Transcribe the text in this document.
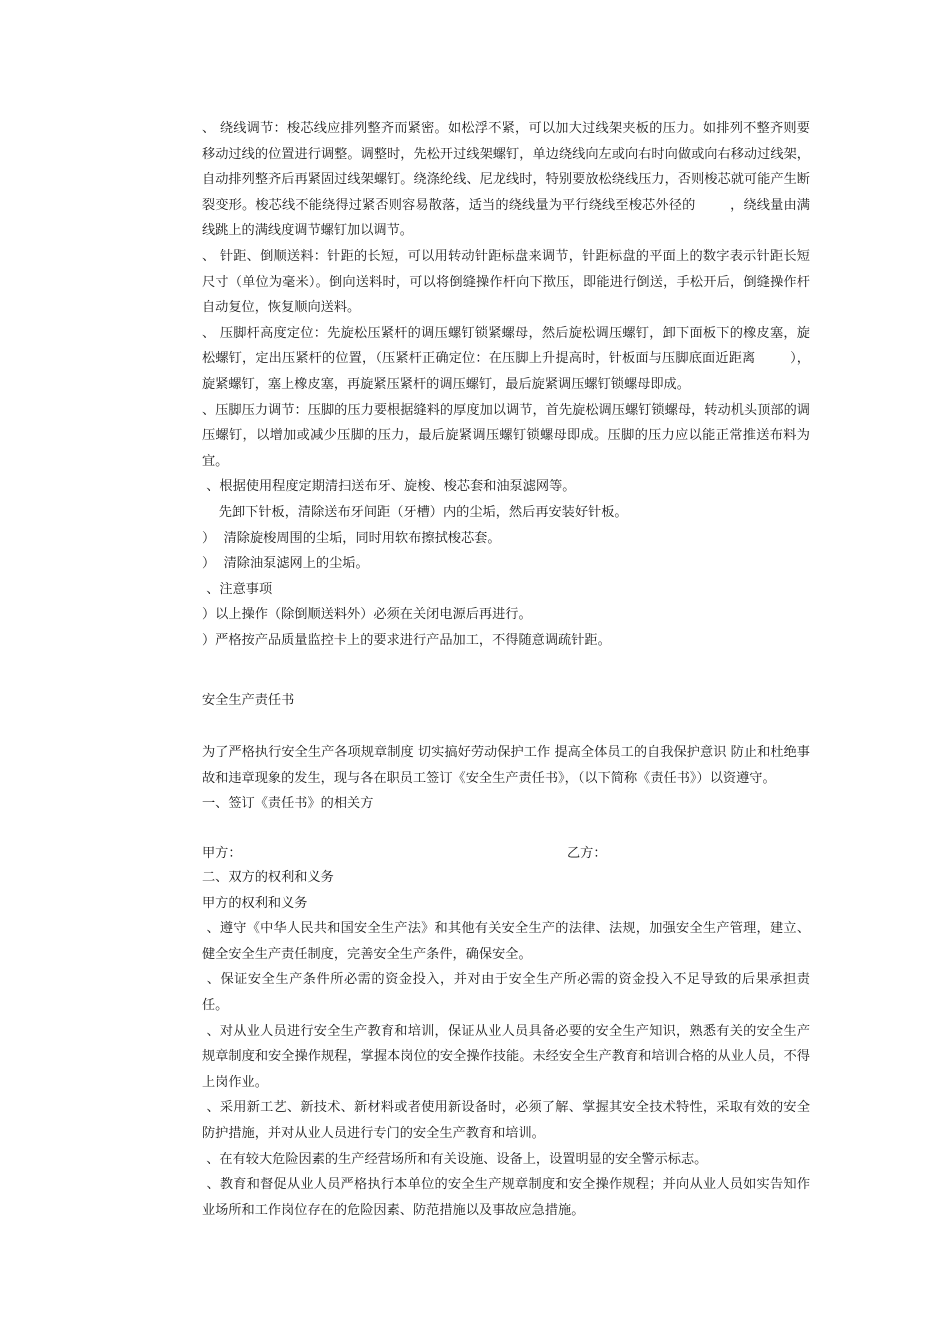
、 绕线调节：梭芯线应排列整齐而紧密。如松浮不紧，可以加大过线架夹板的压力。如排列不整齐则要移动过线的位置进行调整。调整时，先松开过线架螺钉，单边绕线向左或向右时向做或向右移动过线架，自动排列整齐后再紧固过线架螺钉。绕涤纶线、尼龙线时，特别要放松绕线压力，否则梭芯就可能产生断裂变形。梭芯线不能绕得过紧否则容易散落，适当的绕线量为平行绕线至梭芯外径的        ，绕线量由满线跳上的满线度调节螺钉加以调节。

、 针距、倒顺送料：针距的长短，可以用转动针距标盘来调节，针距标盘的平面上的数字表示针距长短尺寸（单位为毫米）。倒向送料时，可以将倒缝操作杆向下揿压，即能进行倒送，手松开后，倒缝操作杆自动复位，恢复顺向送料。

、 压脚杆高度定位：先旋松压紧杆的调压螺钉锁紧螺母，然后旋松调压螺钉，卸下面板下的橡皮塞，旋松螺钉，定出压紧杆的位置，（压紧杆正确定位：在压脚上升提高时，针板面与压脚底面近距离        ），旋紧螺钉，塞上橡皮塞，再旋紧压紧杆的调压螺钉，最后旋紧调压螺钉锁螺母即成。

、压脚压力调节：压脚的压力要根据缝料的厚度加以调节，首先旋松调压螺钉锁螺母，转动机头顶部的调压螺钉，以增加或减少压脚的压力，最后旋紧调压螺钉锁螺母即成。压脚的压力应以能正常推送布料为宜。

、根据使用程度定期清扫送布牙、旋梭、梭芯套和油泵滤网等。

先卸下针板，清除送布牙间距（牙槽）内的尘垢，然后再安装好针板。

）  清除旋梭周围的尘垢，同时用软布擦拭梭芯套。

）  清除油泵滤网上的尘垢。

、注意事项

）以上操作（除倒顺送料外）必须在关闭电源后再进行。

）严格按产品质量监控卡上的要求进行产品加工，不得随意调疏针距。

安全生产责任书

为了严格执行安全生产各项规章制度 切实搞好劳动保护工作 提高全体员工的自我保护意识 防止和杜绝事故和违章现象的发生，现与各在职员工签订《安全生产责任书》，（以下简称《责任书》）以资遵守。

一、签订《责任书》的相关方

甲方：	乙方：

二、双方的权利和义务

甲方的权利和义务

、遵守《中华人民共和国安全生产法》和其他有关安全生产的法律、法规，加强安全生产管理，建立、健全安全生产责任制度，完善安全生产条件，确保安全。

、保证安全生产条件所必需的资金投入，并对由于安全生产所必需的资金投入不足导致的后果承担责任。

、对从业人员进行安全生产教育和培训，保证从业人员具备必要的安全生产知识，熟悉有关的安全生产规章制度和安全操作规程，掌握本岗位的安全操作技能。未经安全生产教育和培训合格的从业人员，不得上岗作业。

、采用新工艺、新技术、新材料或者使用新设备时，必须了解、掌握其安全技术特性，采取有效的安全防护措施，并对从业人员进行专门的安全生产教育和培训。

、在有较大危险因素的生产经营场所和有关设施、设备上，设置明显的安全警示标志。

、教育和督促从业人员严格执行本单位的安全生产规章制度和安全操作规程；并向从业人员如实告知作业场所和工作岗位存在的危险因素、防范措施以及事故应急措施。
